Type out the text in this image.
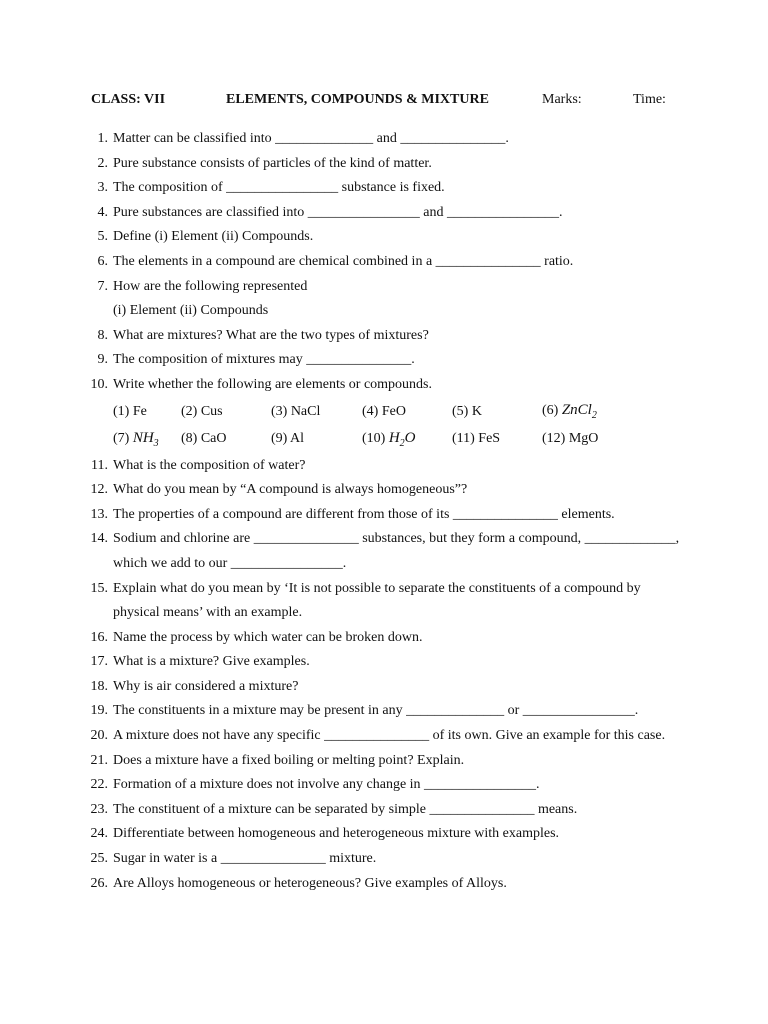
CLASS: VII	ELEMENTS, COMPOUNDS & MIXTURE	Marks:	Time:
1. Matter can be classified into ______________ and _______________.
2. Pure substance consists of particles of the kind of matter.
3. The composition of ________________ substance is fixed.
4. Pure substances are classified into ________________ and ________________.
5. Define (i) Element (ii) Compounds.
6. The elements in a compound are chemical combined in a _______________ ratio.
7. How are the following represented
(i) Element (ii) Compounds
8. What are mixtures? What are the two types of mixtures?
9. The composition of mixtures may _______________.
10. Write whether the following are elements or compounds.
(1) Fe (2) Cus	(3) NaCl	(4) FeO	(5) K	(6) ZnCl$_2$
(7) $NH_3$ (8) CaO	(9) Al	(10) $H_2O$	(11) FeS	(12) MgO
11. What is the composition of water?
12. What do you mean by “A compound is always homogeneous”?
13. The properties of a compound are different from those of its _______________ elements.
14. Sodium and chlorine are _______________ substances, but they form a compound, _____________,
which we add to our ________________.
15. Explain what do you mean by ‘It is not possible to separate the constituents of a compound by
physical means’ with an example.
16. Name the process by which water can be broken down.
17. What is a mixture? Give examples.
18. Why is air considered a mixture?
19. The constituents in a mixture may be present in any ______________ or ________________.
20. A mixture does not have any specific _______________ of its own. Give an example for this case.
21. Does a mixture have a fixed boiling or melting point? Explain.
22. Formation of a mixture does not involve any change in ________________.
23. The constituent of a mixture can be separated by simple _______________ means.
24. Differentiate between homogeneous and heterogeneous mixture with examples.
25. Sugar in water is a _______________ mixture.
26. Are Alloys homogeneous or heterogeneous? Give examples of Alloys.
